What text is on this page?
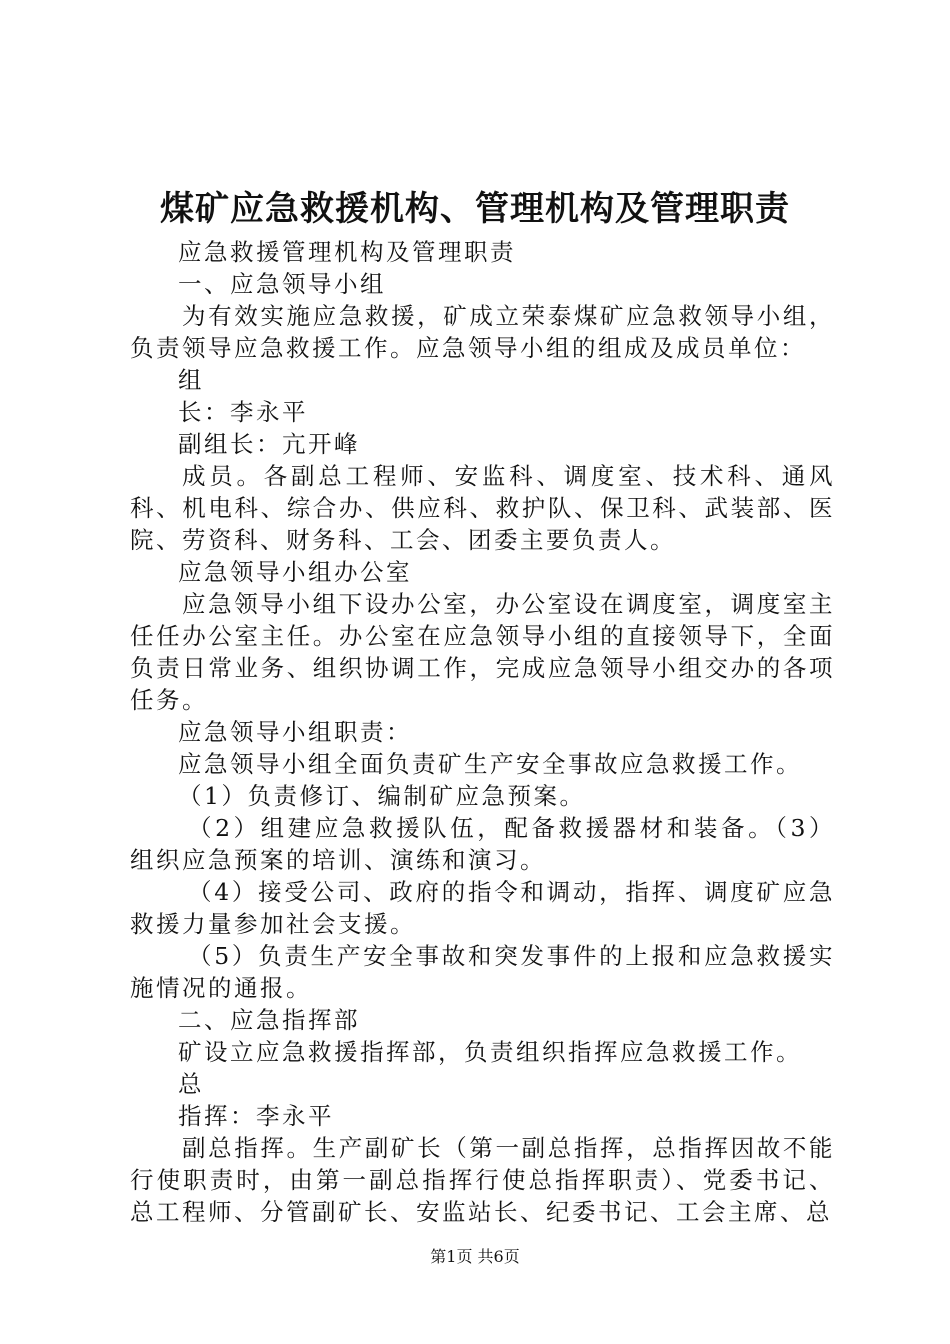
煤矿应急救援机构、管理机构及管理职责

应急救援管理机构及管理职责

一、应急领导小组

为有效实施应急救援，矿成立荣泰煤矿应急救领导小组，负责领导应急救援工作。应急领导小组的组成及成员单位：

组

长：李永平

副组长：亢开峰

成员。各副总工程师、安监科、调度室、技术科、通风科、机电科、综合办、供应科、救护队、保卫科、武装部、医院、劳资科、财务科、工会、团委主要负责人。

应急领导小组办公室

应急领导小组下设办公室，办公室设在调度室，调度室主任任办公室主任。办公室在应急领导小组的直接领导下，全面负责日常业务、组织协调工作，完成应急领导小组交办的各项任务。

应急领导小组职责：

应急领导小组全面负责矿生产安全事故应急救援工作。

（1）负责修订、编制矿应急预案。

（2）组建应急救援队伍，配备救援器材和装备。（3）组织应急预案的培训、演练和演习。

（4）接受公司、政府的指令和调动，指挥、调度矿应急救援力量参加社会支援。

（5）负责生产安全事故和突发事件的上报和应急救援实施情况的通报。

二、应急指挥部

矿设立应急救援指挥部，负责组织指挥应急救援工作。

总

指挥：李永平

副总指挥。生产副矿长（第一副总指挥，总指挥因故不能行使职责时，由第一副总指挥行使总指挥职责）、党委书记、总工程师、分管副矿长、安监站长、纪委书记、工会主席、总

第1页 共6页
